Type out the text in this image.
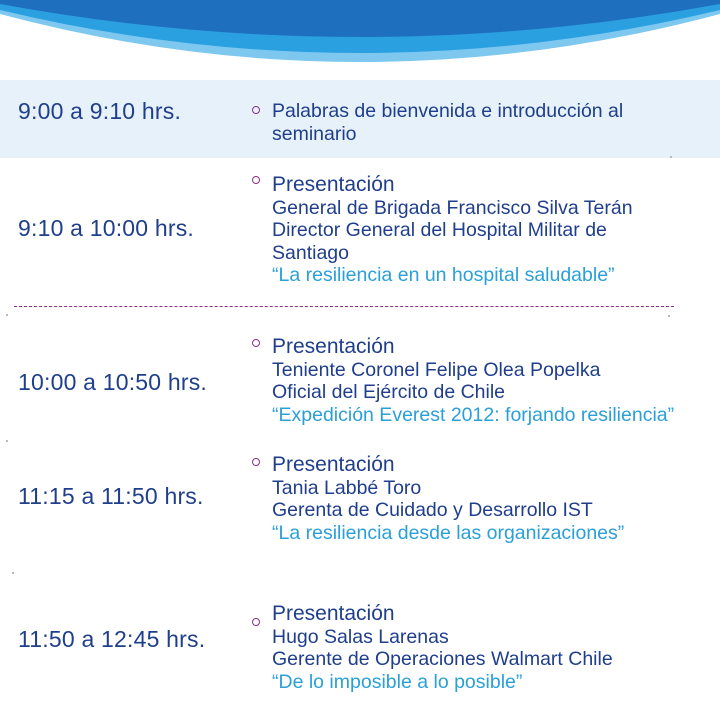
9:00 a 9:10 hrs.	Palabras de bienvenida e introducción al
seminario
9:10 a 10:00 hrs.
Presentación
General de Brigada Francisco Silva Terán
Director General del Hospital Militar de Santiago
“La resiliencia en un hospital saludable”
10:00 a 10:50 hrs.
Presentación
Teniente Coronel Felipe Olea Popelka
Oficial del Ejército de Chile
“Expedición Everest 2012: forjando resiliencia”
11:15 a 11:50 hrs.
Presentación
Tania Labbé Toro
Gerenta de Cuidado y Desarrollo IST
“La resiliencia desde las organizaciones”
11:50 a 12:45 hrs.
Presentación
Hugo Salas Larenas
Gerente de Operaciones Walmart Chile
“De lo imposible a lo posible”
